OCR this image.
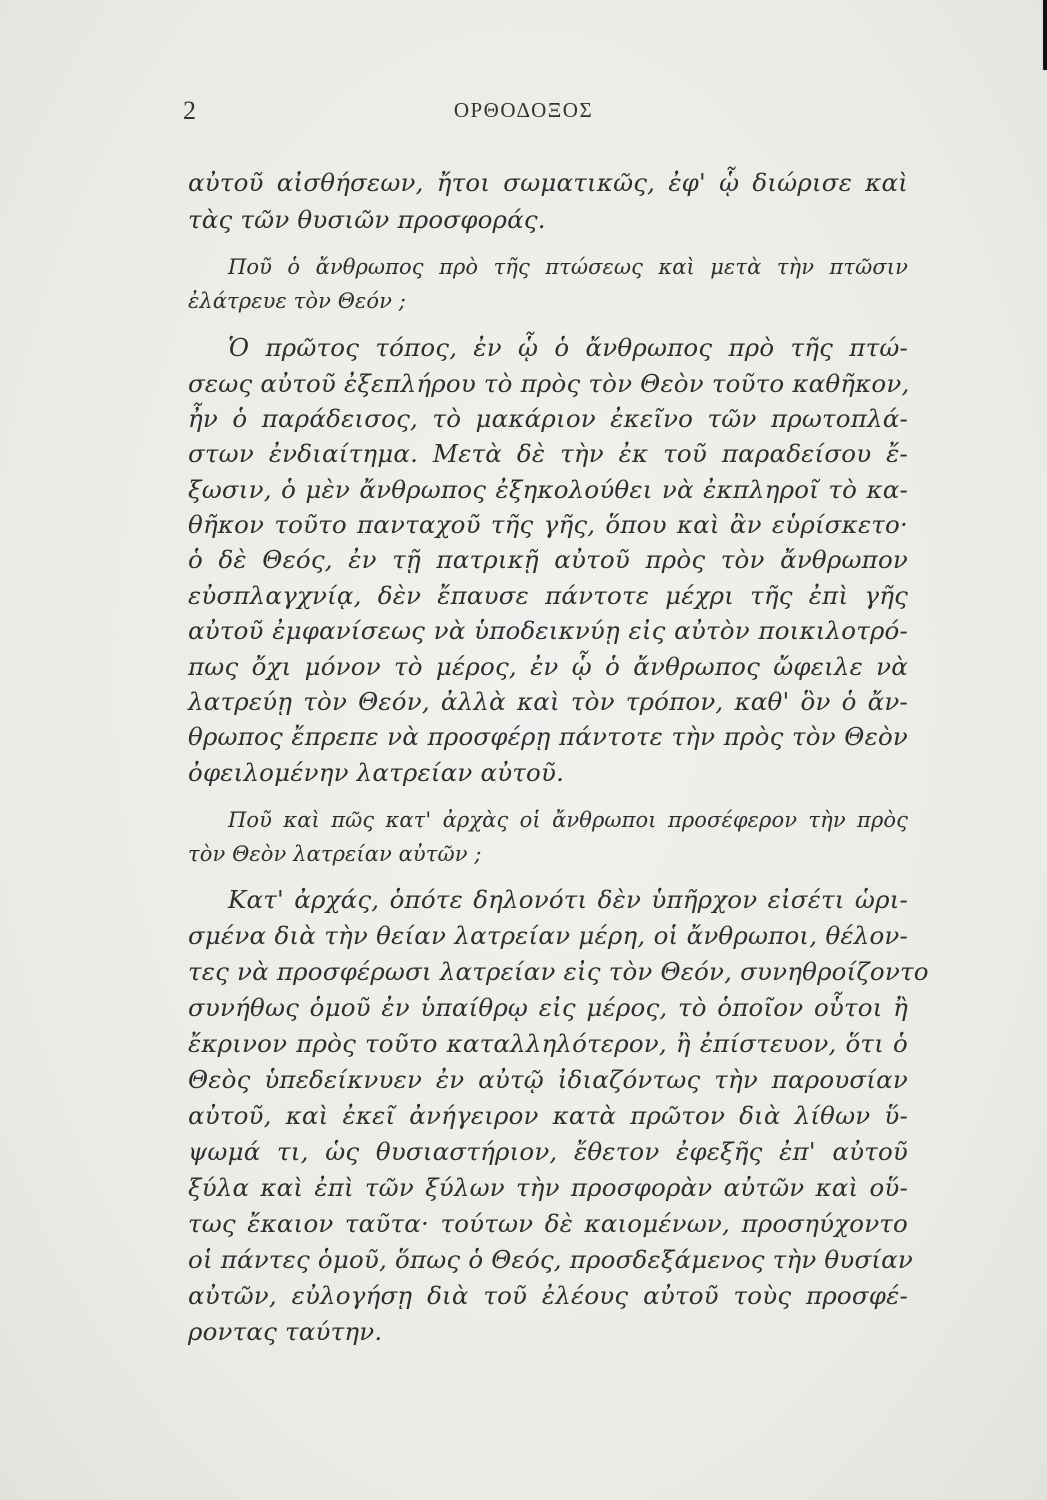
2	ΟΡΘΟΔΟΞΟΣ
αὐτοῦ αἰσθήσεων, ἤτοι σωματικῶς, ἐφ' ᾧ διώρισε καὶ
τὰς τῶν θυσιῶν προσφοράς.
Ποῦ ὁ ἄνθρωπος πρὸ τῆς πτώσεως καὶ μετὰ τὴν πτῶσιν
ἐλάτρευε τὸν Θεόν ;
Ὁ πρῶτος τόπος, ἐν ᾧ ὁ ἄνθρωπος πρὸ τῆς πτώ-
σεως αὐτοῦ ἐξεπλήρου τὸ πρὸς τὸν Θεὸν τοῦτο καθῆκον,
ἦν ὁ παράδεισος, τὸ μακάριον ἐκεῖνο τῶν πρωτοπλά-
στων ἐνδιαίτημα. Μετὰ δὲ τὴν ἐκ τοῦ παραδείσου ἔ-
ξωσιν, ὁ μὲν ἄνθρωπος ἐξηκολούθει νὰ ἐκπληροῖ τὸ κα-
θῆκον τοῦτο πανταχοῦ τῆς γῆς, ὅπου καὶ ἂν εὑρίσκετο·
ὁ δὲ Θεός, ἐν τῇ πατρικῇ αὐτοῦ πρὸς τὸν ἄνθρωπον
εὐσπλαγχνίᾳ, δὲν ἔπαυσε πάντοτε μέχρι τῆς ἐπὶ γῆς
αὐτοῦ ἐμφανίσεως νὰ ὑποδεικνύῃ εἰς αὐτὸν ποικιλοτρό-
πως ὄχι μόνον τὸ μέρος, ἐν ᾧ ὁ ἄνθρωπος ὤφειλε νὰ
λατρεύῃ τὸν Θεόν, ἀλλὰ καὶ τὸν τρόπον, καθ' ὃν ὁ ἄν-
θρωπος ἔπρεπε νὰ προσφέρῃ πάντοτε τὴν πρὸς τὸν Θεὸν
ὀφειλομένην λατρείαν αὐτοῦ.
Ποῦ καὶ πῶς κατ' ἀρχὰς οἱ ἄνθρωποι προσέφερον τὴν πρὸς
τὸν Θεὸν λατρείαν αὐτῶν ;
Κατ' ἀρχάς, ὁπότε δηλονότι δὲν ὑπῆρχον εἰσέτι ὡρι-
σμένα διὰ τὴν θείαν λατρείαν μέρη, οἱ ἄνθρωποι, θέλον-
τες νὰ προσφέρωσι λατρείαν εἰς τὸν Θεόν, συνηθροίζοντο
συνήθως ὁμοῦ ἐν ὑπαίθρῳ εἰς μέρος, τὸ ὁποῖον οὗτοι ἢ
ἔκρινον πρὸς τοῦτο καταλληλότερον, ἢ ἐπίστευον, ὅτι ὁ
Θεὸς ὑπεδείκνυεν ἐν αὐτῷ ἰδιαζόντως τὴν παρουσίαν
αὐτοῦ, καὶ ἐκεῖ ἀνήγειρον κατὰ πρῶτον διὰ λίθων ὕ-
ψωμά τι, ὡς θυσιαστήριον, ἔθετον ἐφεξῆς ἐπ' αὐτοῦ
ξύλα καὶ ἐπὶ τῶν ξύλων τὴν προσφορὰν αὐτῶν καὶ οὕ-
τως ἔκαιον ταῦτα· τούτων δὲ καιομένων, προσηύχοντο
οἱ πάντες ὁμοῦ, ὅπως ὁ Θεός, προσδεξάμενος τὴν θυσίαν
αὐτῶν, εὐλογήσῃ διὰ τοῦ ἐλέους αὐτοῦ τοὺς προσφέ-
ροντας ταύτην.
